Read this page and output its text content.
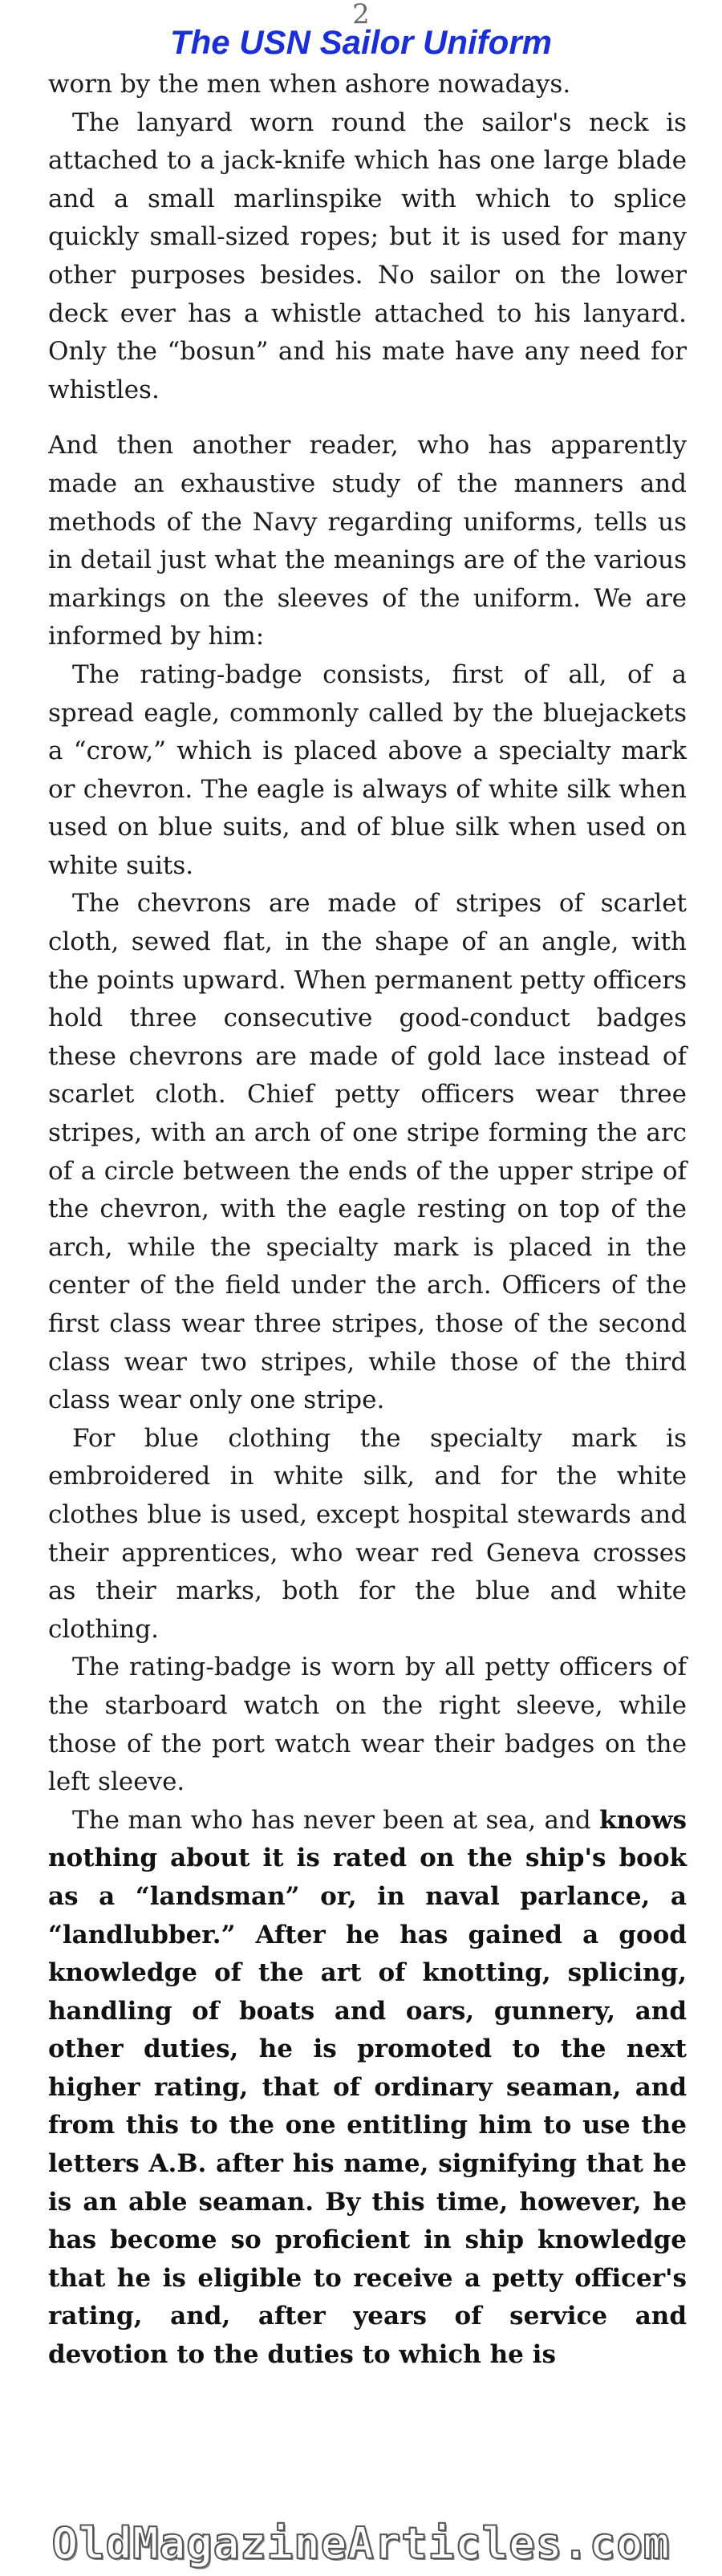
2
The USN Sailor Uniform

worn by the men when ashore nowadays.

The lanyard worn round the sailor's neck is attached to a jack-knife which has one large blade and a small marlinspike with which to splice quickly small-sized ropes; but it is used for many other purposes besides. No sailor on the lower deck ever has a whistle attached to his lanyard. Only the “bosun” and his mate have any need for whistles.

And then another reader, who has apparently made an exhaustive study of the manners and methods of the Navy regarding uniforms, tells us in detail just what the meanings are of the various markings on the sleeves of the uniform. We are informed by him:

The rating-badge consists, first of all, of a spread eagle, commonly called by the bluejackets a “crow,” which is placed above a specialty mark or chevron. The eagle is always of white silk when used on blue suits, and of blue silk when used on white suits.

The chevrons are made of stripes of scarlet cloth, sewed flat, in the shape of an angle, with the points upward. When permanent petty officers hold three consecutive good-conduct badges these chevrons are made of gold lace instead of scarlet cloth. Chief petty officers wear three stripes, with an arch of one stripe forming the arc of a circle between the ends of the upper stripe of the chevron, with the eagle resting on top of the arch, while the specialty mark is placed in the center of the field under the arch. Officers of the first class wear three stripes, those of the second class wear two stripes, while those of the third class wear only one stripe.

For blue clothing the specialty mark is embroidered in white silk, and for the white clothes blue is used, except hospital stewards and their apprentices, who wear red Geneva crosses as their marks, both for the blue and white clothing.

The rating-badge is worn by all petty officers of the starboard watch on the right sleeve, while those of the port watch wear their badges on the left sleeve.

The man who has never been at sea, and knows nothing about it is rated on the ship's book as a “landsman” or, in naval parlance, a “landlubber.” After he has gained a good knowledge of the art of knotting, splicing, handling of boats and oars, gunnery, and other duties, he is promoted to the next higher rating, that of ordinary seaman, and from this to the one entitling him to use the letters A.B. after his name, signifying that he is an able seaman. By this time, however, he has become so proficient in ship knowledge that he is eligible to receive a petty officer's rating, and, after years of service and devotion to the duties to which he is

OldMagazineArticles.com
